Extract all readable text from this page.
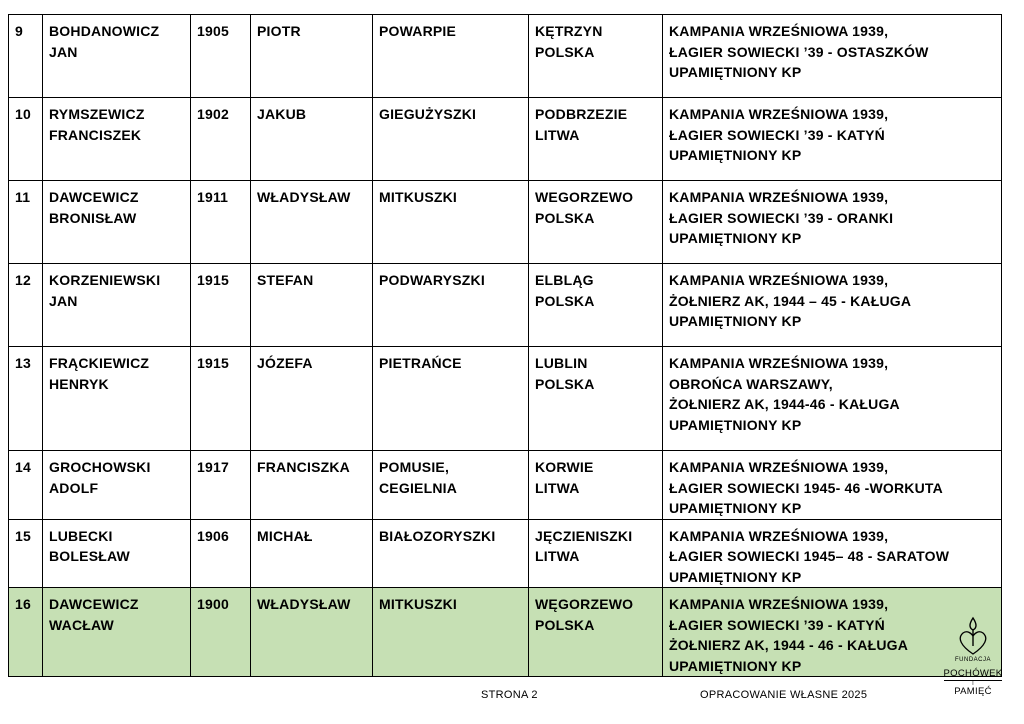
9	BOHDANOWICZ
JAN	1905	PIOTR	POWARPIE	KĘTRZYN
POLSKA	KAMPANIA WRZEŚNIOWA 1939,
ŁAGIER SOWIECKI ’39 - OSTASZKÓW
UPAMIĘTNIONY KP

10	RYMSZEWICZ
FRANCISZEK	1902	JAKUB	GIEGUŻYSZKI	PODBRZEZIE
LITWA	KAMPANIA WRZEŚNIOWA 1939,
ŁAGIER SOWIECKI ’39 - KATYŃ
UPAMIĘTNIONY KP

11	DAWCEWICZ
BRONISŁAW	1911	WŁADYSŁAW	MITKUSZKI	WEGORZEWO
POLSKA	KAMPANIA WRZEŚNIOWA 1939,
ŁAGIER SOWIECKI ’39 - ORANKI
UPAMIĘTNIONY KP

12	KORZENIEWSKI
JAN	1915	STEFAN	PODWARYSZKI	ELBLĄG
POLSKA	KAMPANIA WRZEŚNIOWA 1939,
ŻOŁNIERZ AK, 1944 – 45 - KAŁUGA
UPAMIĘTNIONY KP

13	FRĄCKIEWICZ
HENRYK	1915	JÓZEFA	PIETRAŃCE	LUBLIN
POLSKA	KAMPANIA WRZEŚNIOWA 1939,
OBROŃCA WARSZAWY,
ŻOŁNIERZ AK, 1944-46 - KAŁUGA
UPAMIĘTNIONY KP

14	GROCHOWSKI
ADOLF	1917	FRANCISZKA	POMUSIE,
CEGIELNIA	KORWIE
LITWA	KAMPANIA WRZEŚNIOWA 1939,
ŁAGIER SOWIECKI 1945- 46 -WORKUTA
UPAMIĘTNIONY KP

15	LUBECKI
BOLESŁAW	1906	MICHAŁ	BIAŁOZORYSZKI	JĘCZIENISZKI
LITWA	KAMPANIA WRZEŚNIOWA 1939,
ŁAGIER SOWIECKI 1945– 48 - SARATOW
UPAMIĘTNIONY KP

16	DAWCEWICZ
WACŁAW	1900	WŁADYSŁAW	MITKUSZKI	WĘGORZEWO
POLSKA	KAMPANIA WRZEŚNIOWA 1939,
ŁAGIER SOWIECKI ’39 - KATYŃ
ŻOŁNIERZ AK, 1944 - 46 - KAŁUGA
UPAMIĘTNIONY KP
STRONA 2	OPRACOWANIE WŁASNE 2025
FUNDACJA
POCHÓWEK
I
PAMIĘĆ
